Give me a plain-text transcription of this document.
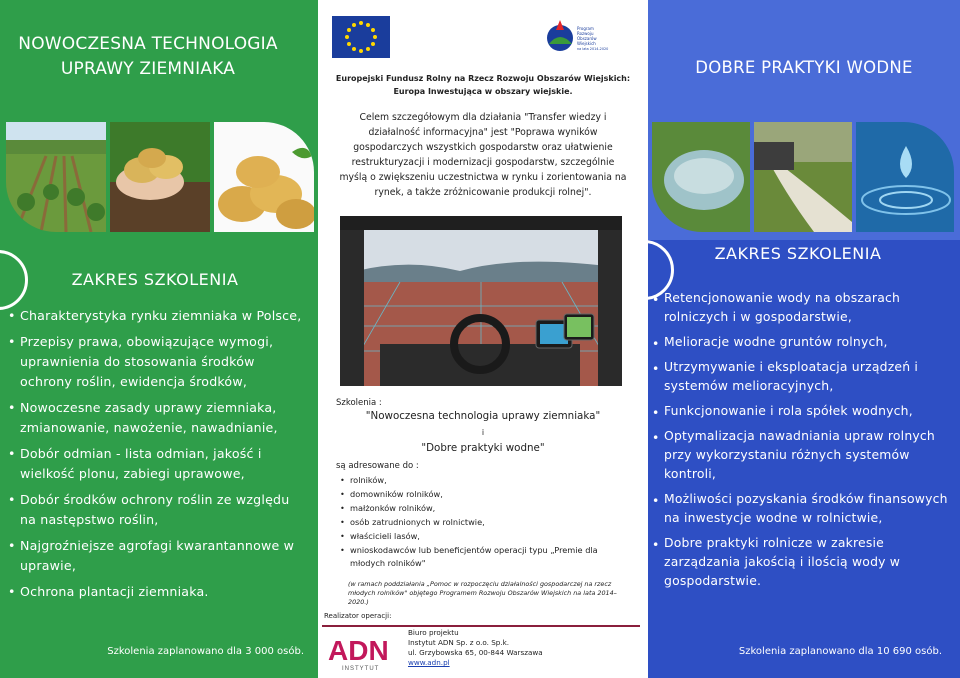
NOWOCZESNA TECHNOLOGIA
UPRAWY ZIEMNIAKA
ZAKRES SZKOLENIA
• Charakterystyka rynku ziemniaka w Polsce,
• Przepisy prawa, obowiązujące wymogi, uprawnienia do stosowania środków ochrony roślin, ewidencja środków,
• Nowoczesne zasady uprawy ziemniaka, zmianowanie, nawożenie, nawadnianie,
• Dobór odmian - lista odmian, jakość i wielkość plonu, zabiegi uprawowe,
• Dobór środków ochrony roślin ze względu na następstwo roślin,
• Najgroźniejsze agrofagi kwarantannowe w uprawie,
• Ochrona plantacji ziemniaka.
Szkolenia zaplanowano dla 3 000 osób.
Program
Rozwoju
Obszarów
Wiejskich
na lata 2014-2020
Europejski Fundusz Rolny na Rzecz Rozwoju Obszarów Wiejskich:
Europa Inwestująca w obszary wiejskie.

Celem szczegółowym dla działania "Transfer wiedzy i działalność informacyjna" jest "Poprawa wyników gospodarczych wszystkich gospodarstw oraz ułatwienie restrukturyzacji i modernizacji gospodarstw, szczególnie myślą o zwiększeniu uczestnictwa w rynku i zorientowania na rynek, a także zróżnicowanie produkcji rolnej".

Szkolenia :
"Nowoczesna technologia uprawy ziemniaka"
i
"Dobre praktyki wodne"
są adresowane do :
• rolników,
• domowników rolników,
• małżonków rolników,
• osób zatrudnionych w rolnictwie,
• właścicieli lasów,
• wnioskodawców lub beneficjentów operacji typu „Premie dla młodych rolników"

(w ramach poddziałania „Pomoc w rozpoczęciu działalności gospodarczej na rzecz młodych rolników" objętego Programem Rozwoju Obszarów Wiejskich na lata 2014–2020.)

Realizator operacji:
ADN
INSTYTUT
Biuro projektu
Instytut ADN Sp. z o.o. Sp.k.
ul. Grzybowska 65, 00-844 Warszawa
www.adn.pl
DOBRE PRAKTYKI WODNE
ZAKRES SZKOLENIA
• Retencjonowanie wody na obszarach rolniczych i w gospodarstwie,
• Melioracje wodne gruntów rolnych,
• Utrzymywanie i eksploatacja urządzeń i systemów melioracyjnych,
• Funkcjonowanie i rola spółek wodnych,
• Optymalizacja nawadniania upraw rolnych przy wykorzystaniu różnych systemów kontroli,
• Możliwości pozyskania środków finansowych na inwestycje wodne w rolnictwie,
• Dobre praktyki rolnicze w zakresie zarządzania jakością i ilością wody w gospodarstwie.
Szkolenia zaplanowano dla 10 690 osób.
